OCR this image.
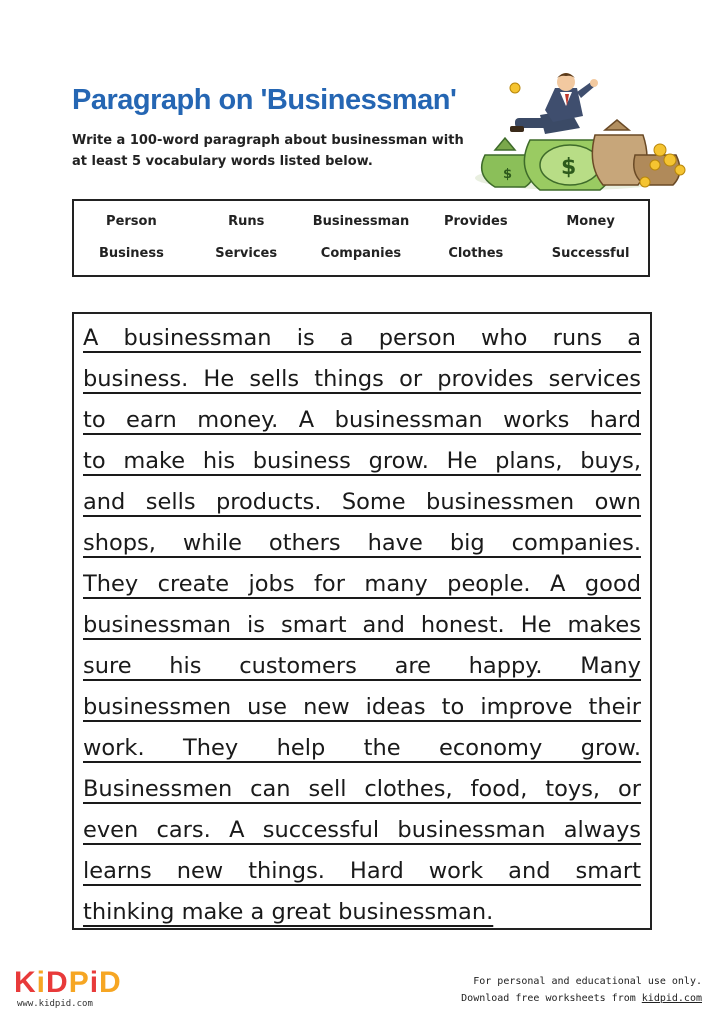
Paragraph on 'Businessman'
Write a 100-word paragraph about businessman with
at least 5 vocabulary words listed below.
$ $
Person	Runs	Businessman	Provides	Money
Business	Services	Companies	Clothes	Successful
A businessman is a person who runs a
business. He sells things or provides services
to earn money. A businessman works hard
to make his business grow. He plans, buys,
and sells products. Some businessmen own
shops, while others have big companies.
They create jobs for many people. A good
businessman is smart and honest. He makes
sure his customers are happy. Many
businessmen use new ideas to improve their
work. They help the economy grow.
Businessmen can sell clothes, food, toys, or
even cars. A successful businessman always
learns new things. Hard work and smart
thinking make a great businessman.
KiDPiD
www.kidpid.com
For personal and educational use only.
Download free worksheets from kidpid.com
